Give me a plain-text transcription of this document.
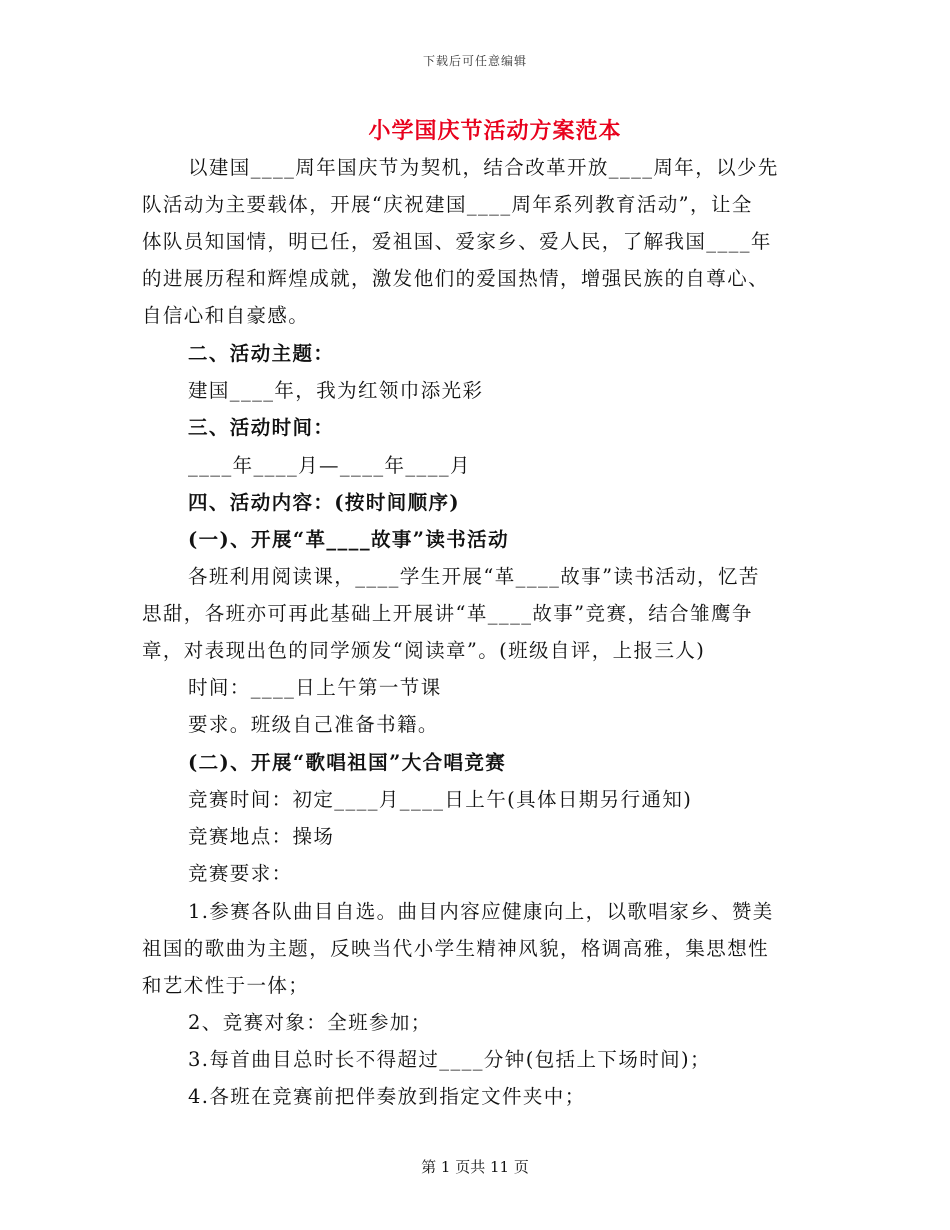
下载后可任意编辑
小学国庆节活动方案范本
以建国____周年国庆节为契机，结合改革开放____周年，以少先
队活动为主要载体，开展“庆祝建国____周年系列教育活动”，让全
体队员知国情，明已任，爱祖国、爱家乡、爱人民，了解我国____年
的进展历程和辉煌成就，激发他们的爱国热情，增强民族的自尊心、
自信心和自豪感。
二、活动主题：
建国____年，我为红领巾添光彩
三、活动时间：
____年____月—____年____月
四、活动内容：(按时间顺序)
(一)、开展“革____故事”读书活动
各班利用阅读课，____学生开展“革____故事”读书活动，忆苦
思甜，各班亦可再此基础上开展讲“革____故事”竞赛，结合雏鹰争
章，对表现出色的同学颁发“阅读章”。(班级自评，上报三人)
时间：____日上午第一节课
要求。班级自己准备书籍。
(二)、开展“歌唱祖国”大合唱竞赛
竞赛时间：初定____月____日上午(具体日期另行通知)
竞赛地点：操场
竞赛要求：
1.参赛各队曲目自选。曲目内容应健康向上，以歌唱家乡、赞美
祖国的歌曲为主题，反映当代小学生精神风貌，格调高雅，集思想性
和艺术性于一体；
2、竞赛对象：全班参加；
3.每首曲目总时长不得超过____分钟(包括上下场时间)；
4.各班在竞赛前把伴奏放到指定文件夹中；
第 1 页共 11 页
